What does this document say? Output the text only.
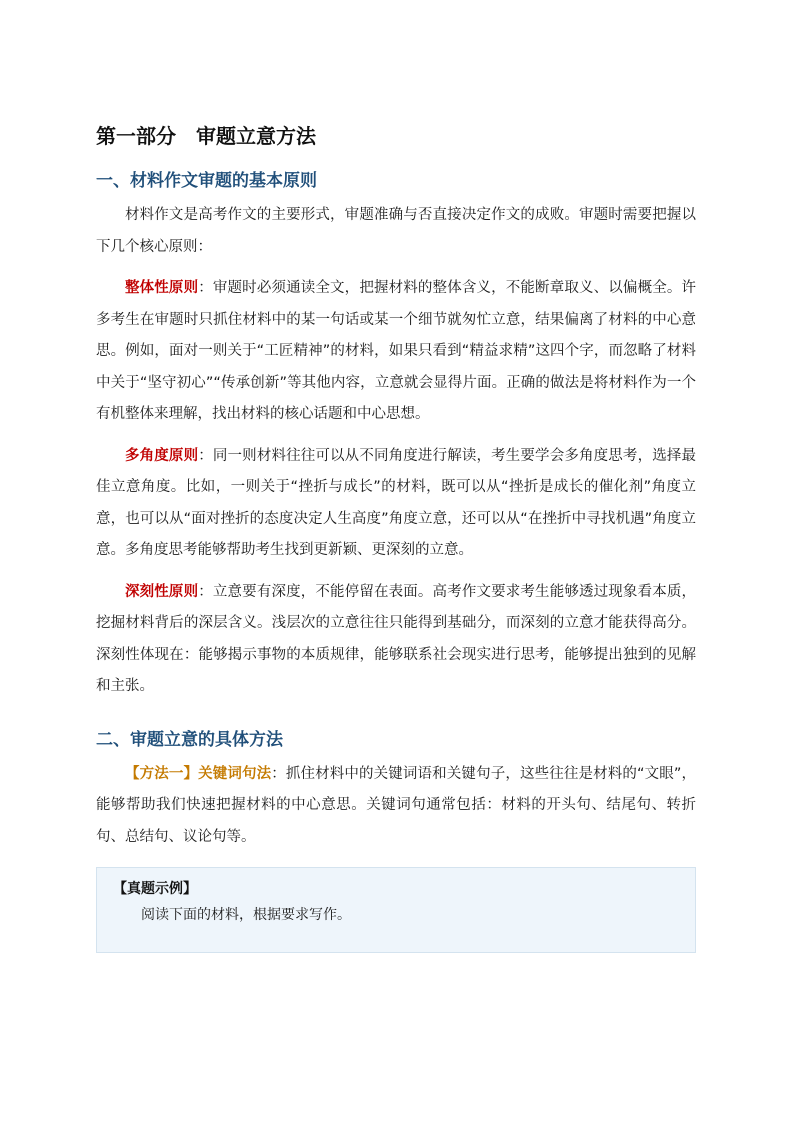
第一部分　审题立意方法
一、材料作文审题的基本原则

材料作文是高考作文的主要形式，审题准确与否直接决定作文的成败。审题时需要把握以下几个核心原则：

整体性原则：审题时必须通读全文，把握材料的整体含义，不能断章取义、以偏概全。许多考生在审题时只抓住材料中的某一句话或某一个细节就匆忙立意，结果偏离了材料的中心意思。例如，面对一则关于“工匠精神”的材料，如果只看到“精益求精”这四个字，而忽略了材料中关于“坚守初心”“传承创新”等其他内容，立意就会显得片面。正确的做法是将材料作为一个有机整体来理解，找出材料的核心话题和中心思想。

多角度原则：同一则材料往往可以从不同角度进行解读，考生要学会多角度思考，选择最佳立意角度。比如，一则关于“挫折与成长”的材料，既可以从“挫折是成长的催化剂”角度立意，也可以从“面对挫折的态度决定人生高度”角度立意，还可以从“在挫折中寻找机遇”角度立意。多角度思考能够帮助考生找到更新颖、更深刻的立意。

深刻性原则：立意要有深度，不能停留在表面。高考作文要求考生能够透过现象看本质，挖掘材料背后的深层含义。浅层次的立意往往只能得到基础分，而深刻的立意才能获得高分。深刻性体现在：能够揭示事物的本质规律，能够联系社会现实进行思考，能够提出独到的见解和主张。

二、审题立意的具体方法

【方法一】关键词句法：抓住材料中的关键词语和关键句子，这些往往是材料的“文眼”，能够帮助我们快速把握材料的中心意思。关键词句通常包括：材料的开头句、结尾句、转折句、总结句、议论句等。

【真题示例】
阅读下面的材料，根据要求写作。
